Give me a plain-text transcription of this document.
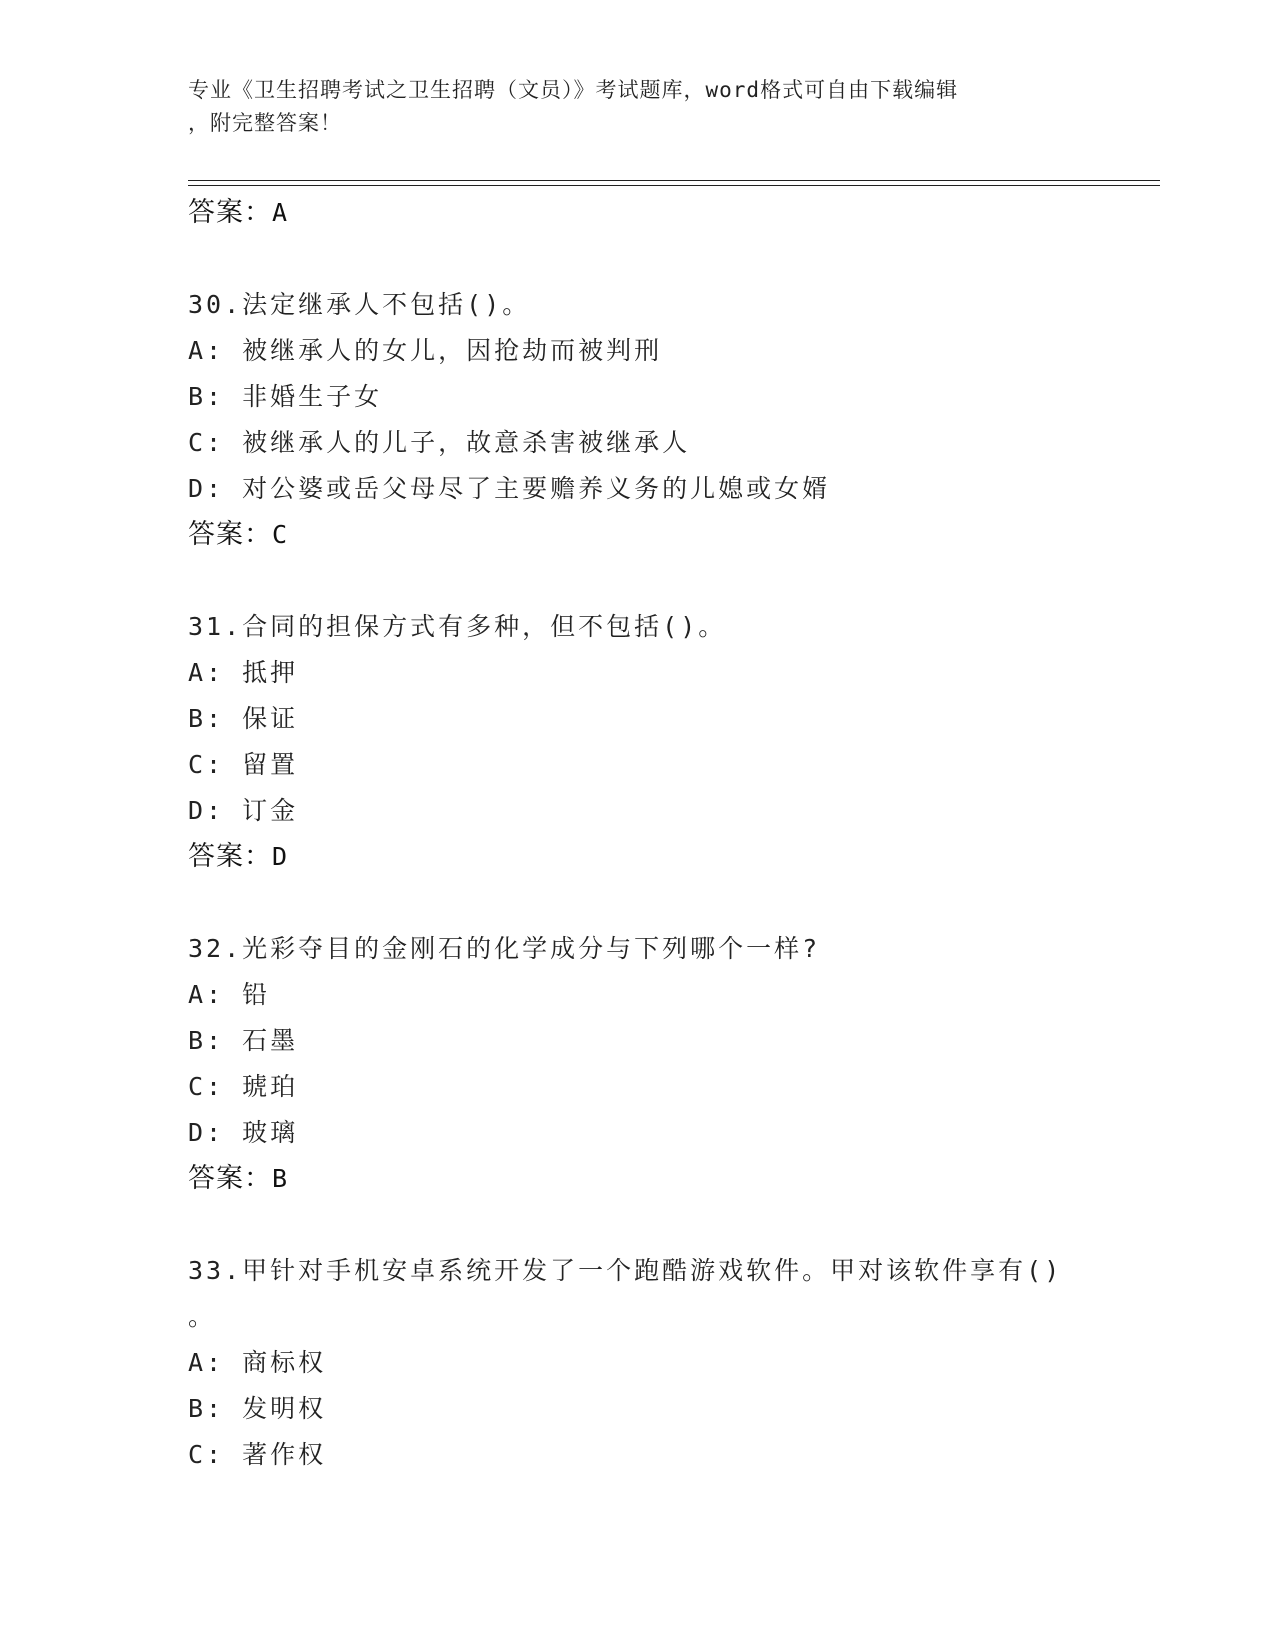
专业《卫生招聘考试之卫生招聘（文员）》考试题库，word格式可自由下载编辑
，附完整答案！
答案：A
30.法定继承人不包括()。
A: 被继承人的女儿，因抢劫而被判刑
B: 非婚生子女
C: 被继承人的儿子，故意杀害被继承人
D: 对公婆或岳父母尽了主要赡养义务的儿媳或女婿
答案：C
31.合同的担保方式有多种，但不包括()。
A: 抵押
B: 保证
C: 留置
D: 订金
答案：D
32.光彩夺目的金刚石的化学成分与下列哪个一样?
A: 铅
B: 石墨
C: 琥珀
D: 玻璃
答案：B
33.甲针对手机安卓系统开发了一个跑酷游戏软件。甲对该软件享有()
。
A: 商标权
B: 发明权
C: 著作权
